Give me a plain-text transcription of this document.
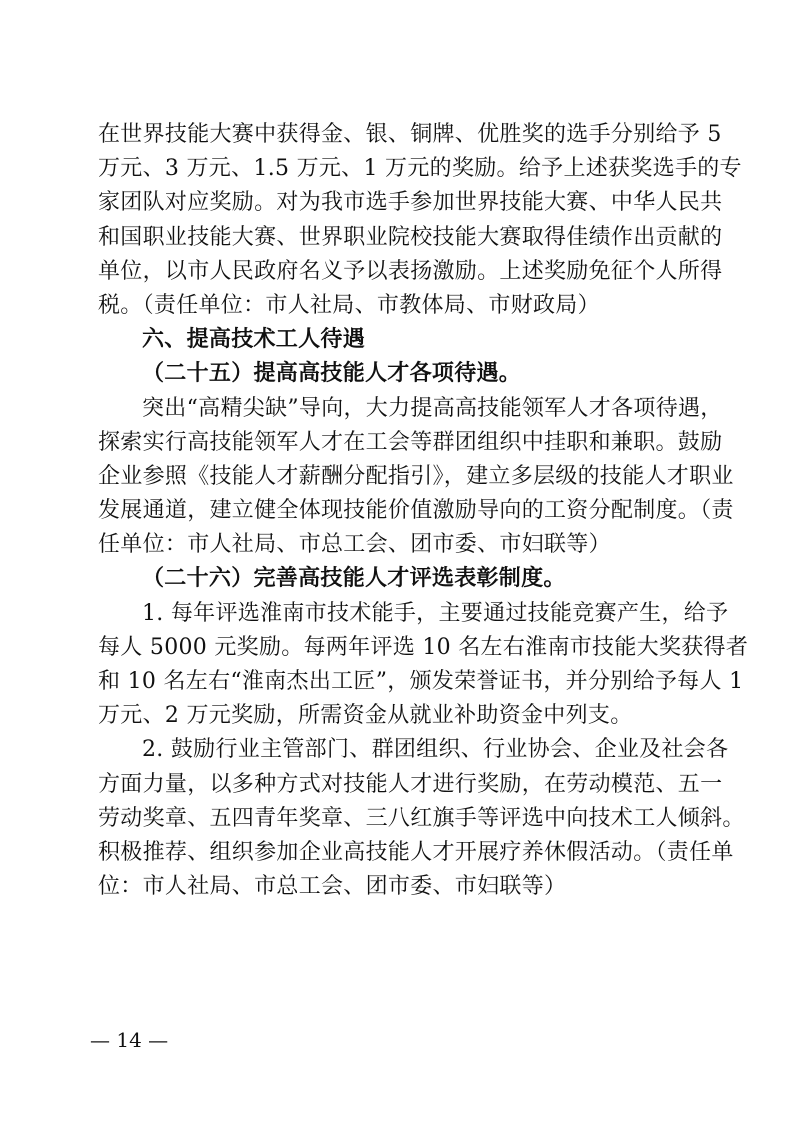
在世界技能大赛中获得金、银、铜牌、优胜奖的选手分别给予 5
万元、3 万元、1.5 万元、1 万元的奖励。给予上述获奖选手的专
家团队对应奖励。对为我市选手参加世界技能大赛、中华人民共
和国职业技能大赛、世界职业院校技能大赛取得佳绩作出贡献的
单位，以市人民政府名义予以表扬激励。上述奖励免征个人所得
税。（责任单位：市人社局、市教体局、市财政局）
六、提高技术工人待遇
（二十五）提高高技能人才各项待遇。
突出“高精尖缺”导向，大力提高高技能领军人才各项待遇，
探索实行高技能领军人才在工会等群团组织中挂职和兼职。鼓励
企业参照《技能人才薪酬分配指引》，建立多层级的技能人才职业
发展通道，建立健全体现技能价值激励导向的工资分配制度。（责
任单位：市人社局、市总工会、团市委、市妇联等）
（二十六）完善高技能人才评选表彰制度。
1. 每年评选淮南市技术能手，主要通过技能竞赛产生，给予
每人 5000 元奖励。每两年评选 10 名左右淮南市技能大奖获得者
和 10 名左右“淮南杰出工匠”，颁发荣誉证书，并分别给予每人 1
万元、2 万元奖励，所需资金从就业补助资金中列支。
2. 鼓励行业主管部门、群团组织、行业协会、企业及社会各
方面力量，以多种方式对技能人才进行奖励，在劳动模范、五一
劳动奖章、五四青年奖章、三八红旗手等评选中向技术工人倾斜。
积极推荐、组织参加企业高技能人才开展疗养休假活动。（责任单
位：市人社局、市总工会、团市委、市妇联等）
— 14 —
